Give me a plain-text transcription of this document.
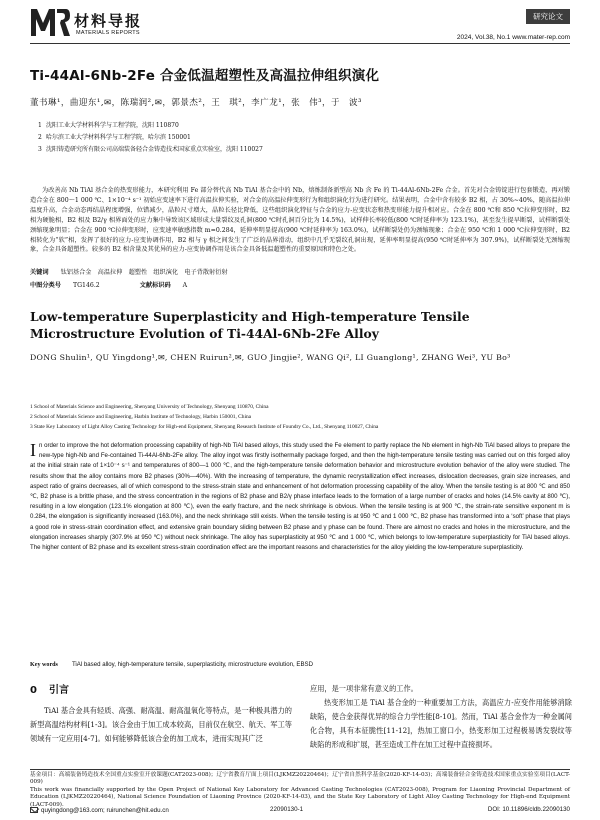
材料导报
MATERIALS REPORTS
研究论文
2024, Vol.38, No.1 www.mater-rep.com
Ti-44Al-6Nb-2Fe 合金低温超塑性及高温拉伸组织演化
董书琳¹，曲迎东¹,✉，陈瑞润²,✉，郭景杰²，王　琪²，李广龙¹，张　伟³，于　波³
1 沈阳工业大学材料科学与工程学院，沈阳 110870
2 哈尔滨工业大学材料科学与工程学院，哈尔滨 150001
3 沈阳铸造研究所有限公司高端装备轻合金铸造技术国家重点实验室，沈阳 110027
为改善高 Nb TiAl 基合金的热变形能力，本研究利用 Fe 部分替代高 Nb TiAl 基合金中的 Nb，熔炼制备新型高 Nb 含 Fe 的 Ti-44Al-6Nb-2Fe 合金。首先对合金铸锭进行包套锻造，再对锻造合金在 800～1 000 ℃、1×10⁻⁴ s⁻¹ 初始应变速率下进行高温拉伸实验，对合金的高温拉伸变形行为和组织演化行为进行研究。结果表明，合金中含有较多 B2 相，占 30%~40%，随高温拉伸温度升高，合金动态再结晶程度增强，位错减少，晶粒尺寸增大，晶粒长径比降低，这些组织演化特征与合金的应力-应变状态和热变形能力提升相对应。合金在 800 ℃和 850 ℃拉伸变形时，B2 相为硬脆相，B2 相及 B2/γ 相界面处的应力集中导致该区域形成大量裂纹及孔洞(800 ℃时孔洞百分比为 14.5%)，试样伸长率较低(800 ℃时延伸率为 123.1%)，甚至发生提早断裂，试样断裂处颈缩现象明显；合金在 900 ℃拉伸变形时，应变速率敏感指数 m=0.284，延伸率明显提高(900 ℃时延伸率为 163.0%)，试样断裂处仍为颈缩现象；合金在 950 ℃和 1 000 ℃拉伸变形时，B2 相转化为“软”相，发挥了很好的应力-应变协调作用，B2 相与 γ 相之间发生了广泛的晶界滑动，组织中几乎无裂纹孔洞出现，延伸率明显提高(950 ℃时延伸率为 307.9%)，试样断裂处无颈缩现象，合金具备超塑性。较多的 B2 相含量及其优异的应力-应变协调作用是该合金具备低温超塑性的重要原因和特色之处。
关键词 钛铝基合金　高温拉伸　超塑性　组织演化　电子背散射衍射
中图分类号 TG146.2	文献标识码 A
Low-temperature Superplasticity and High-temperature Tensile Microstructure Evolution of Ti-44Al-6Nb-2Fe Alloy
DONG Shulin¹, QU Yingdong¹,✉, CHEN Ruirun²,✉, GUO Jingjie², WANG Qi², LI Guanglong¹, ZHANG Wei³, YU Bo³
1 School of Materials Science and Engineering, Shenyang University of Technology, Shenyang 110870, China
2 School of Materials Science and Engineering, Harbin Institute of Technology, Harbin 150001, China
3 State Key Laboratory of Light Alloy Casting Technology for High-end Equipment, Shenyang Research Institute of Foundry Co., Ltd., Shenyang 110027, China
In order to improve the hot deformation processing capability of high-Nb TiAl based alloys, this study used the Fe element to partly replace the Nb element in high-Nb TiAl based alloys to prepare the new-type high-Nb and Fe-contained Ti-44Al-6Nb-2Fe alloy. The alloy ingot was firstly isothermally package forged, and then the high-temperature tensile testing was carried out on this forged alloy at the initial strain rate of 1×10⁻⁴ s⁻¹ and temperatures of 800—1 000 ℃, and the high-temperature tensile deformation behavior and microstructure evolution behavior of the alloy were studied. The results show that the alloy contains more B2 phases (30%—40%). With the increasing of temperature, the dynamic recrystallization effect increases, dislocation decreases, grain size increases, and aspect ratio of grains decreases, all of which correspond to the stress-strain state and enhancement of hot deformation processing capability of the alloy. When the tensile testing is at 800 ℃ and 850 ℃, B2 phase is a brittle phase, and the stress concentration in the regions of B2 phase and B2/γ phase interface leads to the formation of a large number of cracks and holes (14.5% cavity at 800 ℃), resulting in a low elongation (123.1% elongation at 800 ℃), even the early fracture, and the neck shrinkage is obvious. When the tensile testing is at 900 ℃, the strain-rate sensitive exponent m is 0.284, the elongation is significantly increased (163.0%), and the neck shrinkage still exists. When the tensile testing is at 950 ℃ and 1 000 ℃, B2 phase has transformed into a ‘soft’ phase that plays a good role in stress-strain coordination effect, and extensive grain boundary sliding between B2 phase and γ phase can be found. There are almost no cracks and holes in the microstructure, and the elongation increases sharply (307.9% at 950 ℃) without neck shrinkage. The alloy has superplasticity at 950 ℃ and 1 000 ℃, which belongs to low-temperature superplasticity for TiAl based alloys. The higher content of B2 phase and its excellent stress-strain coordination effect are the important reasons and characteristics for the alloy yielding the low-temperature superplasticity.
Key words TiAl based alloy, high-temperature tensile, superplasticity, microstructure evolution, EBSD
0 引言

TiAl 基合金具有轻质、高强、耐高温、耐高温氧化等特点，是一种极具潜力的新型高温结构材料[1-3]。该合金由于加工成本较高，目前仅在航空、航天、军工等领域有一定应用[4-7]。如何能够降低该合金的加工成本，进而实现其广泛

应用，是一项非常有意义的工作。

热变形加工是 TiAl 基合金的一种重要加工方法，高温应力-应变作用能够消除缺陷，使合金获得优异的综合力学性能[8-10]。然而，TiAl 基合金作为一种金属间化合物，具有本征脆性[11-12]，热加工窗口小，热变形加工过程极易诱发裂纹等缺陷的形成和扩展，甚至造成工件在加工过程中直接损坏。

基金项目：高端装备铸造技术全国重点实验室开放课题(CAT2023-008)；辽宁省教育厅面上项目(LJKMZ20220464)；辽宁省自然科学基金(2020-KF-14-03)；高端装备轻合金铸造技术国家重点实验室项目(LACT-009)
This work was financially supported by the Open Project of National Key Laboratory for Advanced Casting Technologies (CAT2023-008), Program for Liaoning Provincial Department of Education (LJKMZ20220464), National Science Foundation of Liaoning Province (2020-KF-14-03), and the State Key Laboratory of Light Alloy Casting Technology for High-end Equipment (LACT-009).
quyingdong@163.com; ruirunchen@hit.edu.cn	22090130-1	DOI: 10.11896/cldb.22090130
